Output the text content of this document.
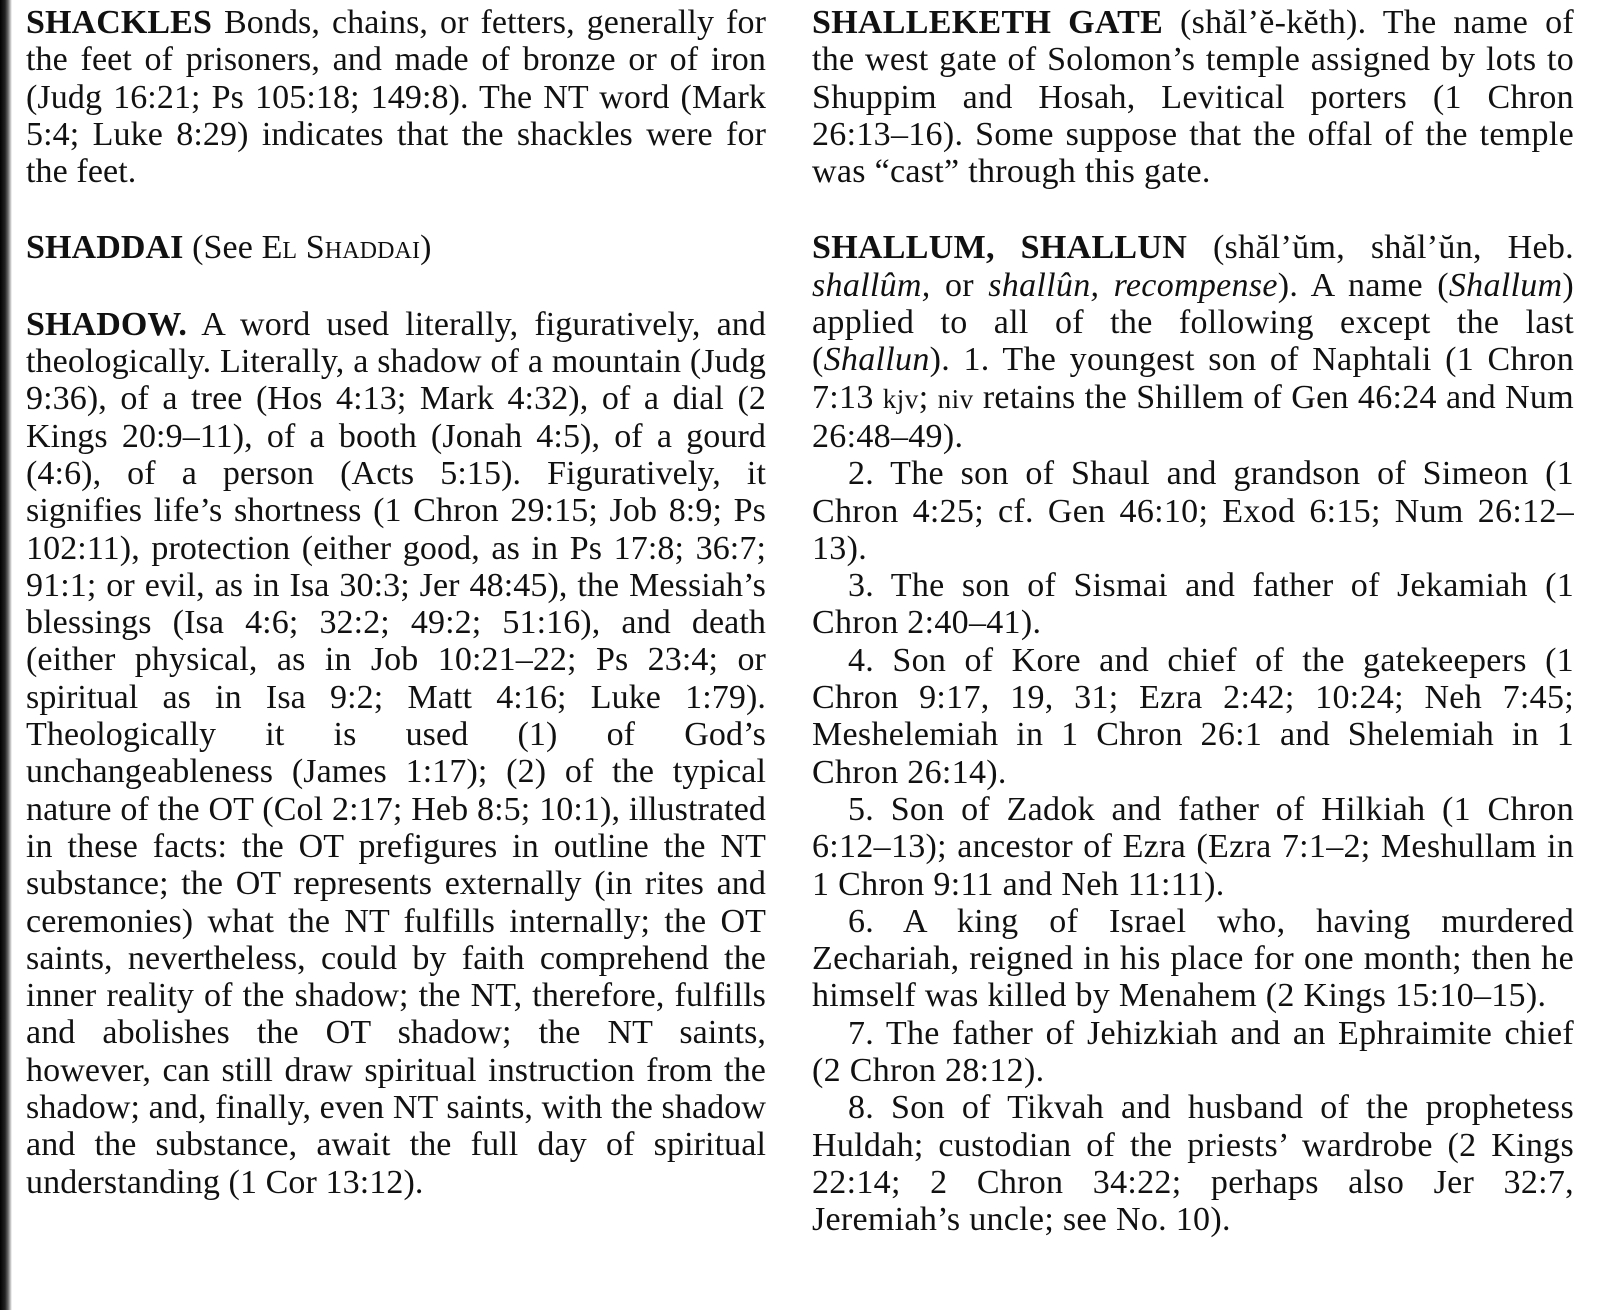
SHACKLES Bonds, chains, or fetters, generally for the feet of prisoners, and made of bronze or of iron (Judg 16:21; Ps 105:18; 149:8). The NT word (Mark 5:4; Luke 8:29) indicates that the shackles were for the feet.

SHADDAI (See El Shaddai)

SHADOW. A word used literally, figuratively, and theologically. Literally, a shadow of a mountain (Judg 9:36), of a tree (Hos 4:13; Mark 4:32), of a dial (2 Kings 20:9–11), of a booth (Jonah 4:5), of a gourd (4:6), of a person (Acts 5:15). Figuratively, it signifies life’s shortness (1 Chron 29:15; Job 8:9; Ps 102:11), protection (either good, as in Ps 17:8; 36:7; 91:1; or evil, as in Isa 30:3; Jer 48:45), the Messiah’s blessings (Isa 4:6; 32:2; 49:2; 51:16), and death (either physical, as in Job 10:21–22; Ps 23:4; or spiritual as in Isa 9:2; Matt 4:16; Luke 1:79). Theologically it is used (1) of God’s unchangeableness (James 1:17); (2) of the typical nature of the OT (Col 2:17; Heb 8:5; 10:1), illustrated in these facts: the OT prefigures in outline the NT substance; the OT represents externally (in rites and ceremonies) what the NT fulfills internally; the OT saints, nevertheless, could by faith comprehend the inner reality of the shadow; the NT, therefore, fulfills and abolishes the OT shadow; the NT saints, however, can still draw spiritual instruction from the shadow; and, finally, even NT saints, with the shadow and the substance, await the full day of spiritual understanding (1 Cor 13:12).

SHALLEKETH GATE (shăl’ĕ-kĕth). The name of the west gate of Solomon’s temple assigned by lots to Shuppim and Hosah, Levitical porters (1 Chron 26:13–16). Some suppose that the offal of the temple was “cast” through this gate.

SHALLUM, SHALLUN (shăl’ŭm, shăl’ŭn, Heb. shallûm, or shallûn, recompense). A name (Shallum) applied to all of the following except the last (Shallun). 1. The youngest son of Naphtali (1 Chron 7:13 kjv; niv retains the Shillem of Gen 46:24 and Num 26:48–49).

2. The son of Shaul and grandson of Simeon (1 Chron 4:25; cf. Gen 46:10; Exod 6:15; Num 26:12–13).

3. The son of Sismai and father of Jekamiah (1 Chron 2:40–41).

4. Son of Kore and chief of the gatekeepers (1 Chron 9:17, 19, 31; Ezra 2:42; 10:24; Neh 7:45; Meshelemiah in 1 Chron 26:1 and Shelemiah in 1 Chron 26:14).

5. Son of Zadok and father of Hilkiah (1 Chron 6:12–13); ancestor of Ezra (Ezra 7:1–2; Meshullam in 1 Chron 9:11 and Neh 11:11).

6. A king of Israel who, having murdered Zechariah, reigned in his place for one month; then he himself was killed by Menahem (2 Kings 15:10–15).

7. The father of Jehizkiah and an Ephraimite chief (2 Chron 28:12).

8. Son of Tikvah and husband of the prophetess Huldah; custodian of the priests’ wardrobe (2 Kings 22:14; 2 Chron 34:22; perhaps also Jer 32:7, Jeremiah’s uncle; see No. 10).
